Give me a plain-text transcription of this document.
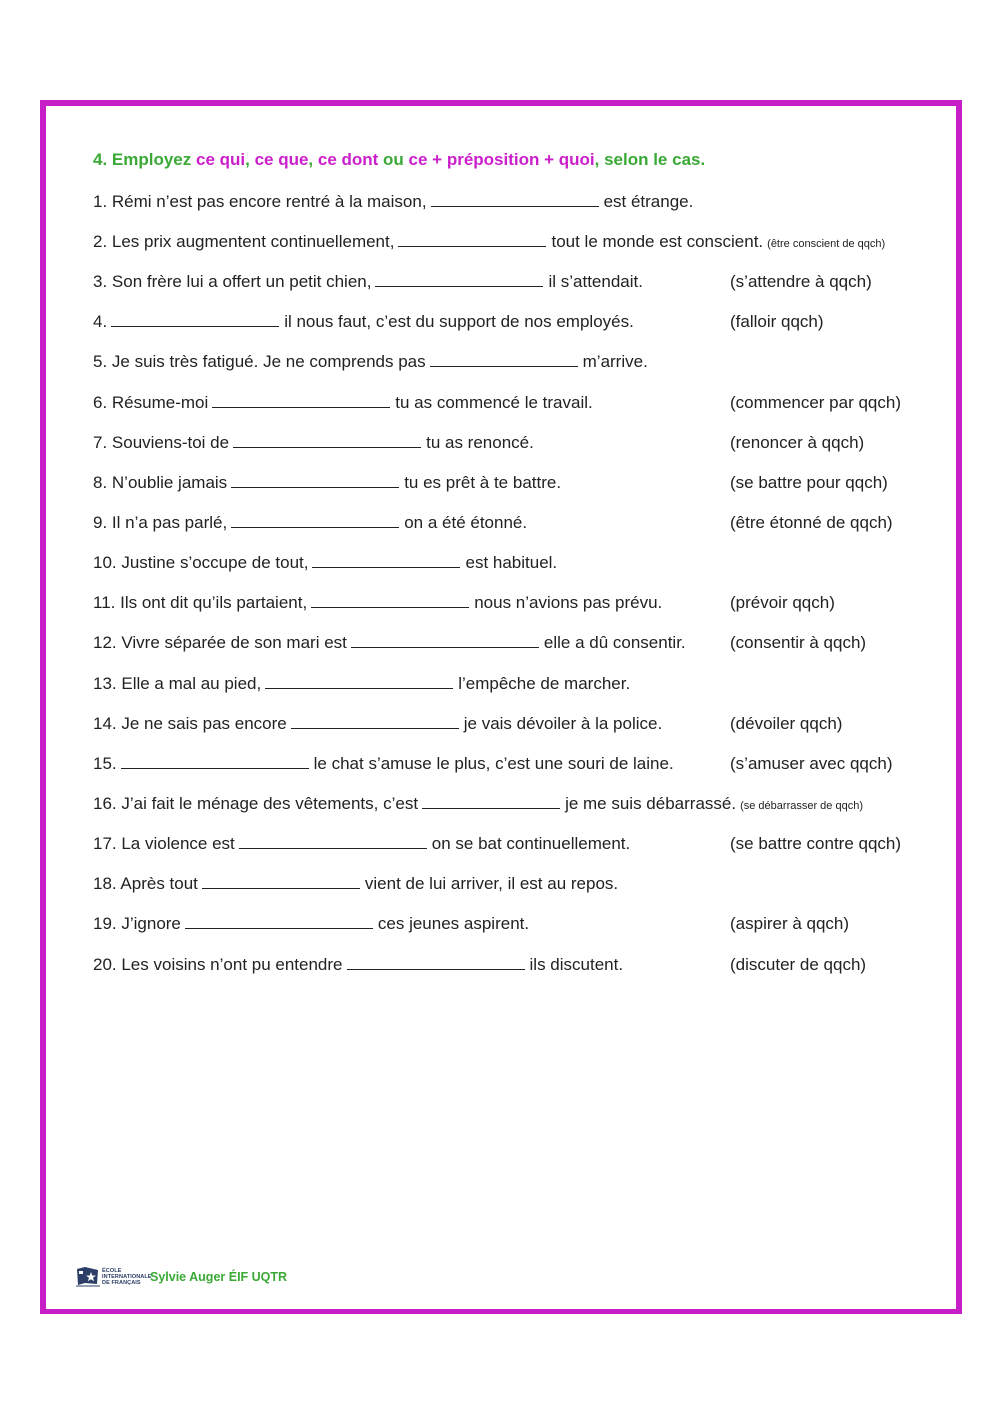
4. Employez ce qui, ce que, ce dont ou ce + préposition + quoi, selon le cas.
1. Rémi n’est pas encore rentré à la maison,	est étrange.
2. Les prix augmentent continuellement,	tout le monde est conscient. (être conscient de qqch)
3. Son frère lui a offert un petit chien,	il s’attendait.	(s’attendre à qqch)
4.	il nous faut, c’est du support de nos employés.	(falloir qqch)
5. Je suis très fatigué. Je ne comprends pas	m’arrive.
6. Résume-moi	tu as commencé le travail.	(commencer par qqch)
7. Souviens-toi de	tu as renoncé.	(renoncer à qqch)
8. N’oublie jamais	tu es prêt à te battre.	(se battre pour qqch)
9. Il n’a pas parlé,	on a été étonné.	(être étonné de qqch)
10. Justine s’occupe de tout,	est habituel.
11. Ils ont dit qu’ils partaient,	nous n’avions pas prévu.	(prévoir qqch)
12. Vivre séparée de son mari est	elle a dû consentir.	(consentir à qqch)
13. Elle a mal au pied,	l’empêche de marcher.
14. Je ne sais pas encore	je vais dévoiler à la police.	(dévoiler qqch)
15.	le chat s’amuse le plus, c’est une souri de laine.	(s’amuser avec qqch)
16. J’ai fait le ménage des vêtements, c’est	je me suis débarrassé. (se débarrasser de qqch)
17. La violence est	on se bat continuellement.	(se battre contre qqch)
18. Après tout	vient de lui arriver, il est au repos.
19. J’ignore	ces jeunes aspirent.	(aspirer à qqch)
20. Les voisins n’ont pu entendre	ils discutent.	(discuter de qqch)
ÉCOLE INTERNATIONALE DE FRANÇAIS Sylvie Auger ÉIF UQTR
